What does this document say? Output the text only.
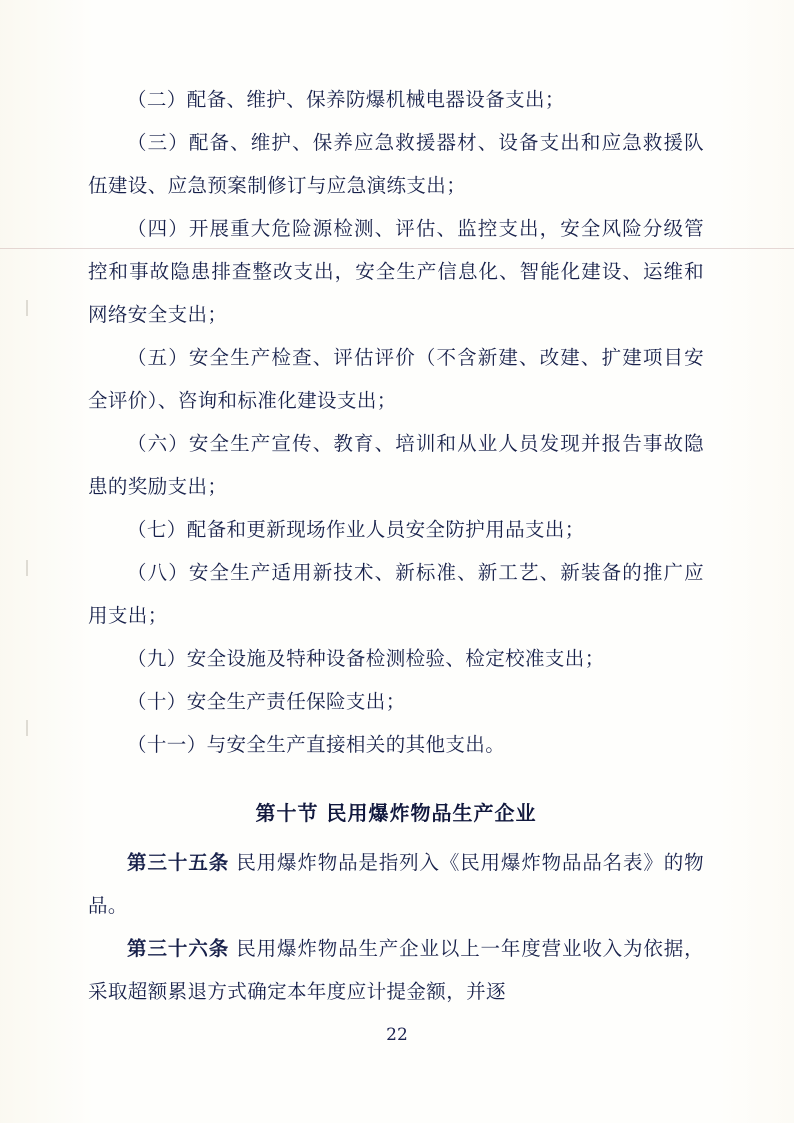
（二）配备、维护、保养防爆机械电器设备支出；

（三）配备、维护、保养应急救援器材、设备支出和应急救援队伍建设、应急预案制修订与应急演练支出；

（四）开展重大危险源检测、评估、监控支出，安全风险分级管控和事故隐患排查整改支出，安全生产信息化、智能化建设、运维和网络安全支出；

（五）安全生产检查、评估评价（不含新建、改建、扩建项目安全评价）、咨询和标准化建设支出；

（六）安全生产宣传、教育、培训和从业人员发现并报告事故隐患的奖励支出；

（七）配备和更新现场作业人员安全防护用品支出；

（八）安全生产适用新技术、新标准、新工艺、新装备的推广应用支出；

（九）安全设施及特种设备检测检验、检定校准支出；

（十）安全生产责任保险支出；

（十一）与安全生产直接相关的其他支出。

第十节 民用爆炸物品生产企业

第三十五条 民用爆炸物品是指列入《民用爆炸物品品名表》的物品。

第三十六条 民用爆炸物品生产企业以上一年度营业收入为依据，采取超额累退方式确定本年度应计提金额，并逐

22
